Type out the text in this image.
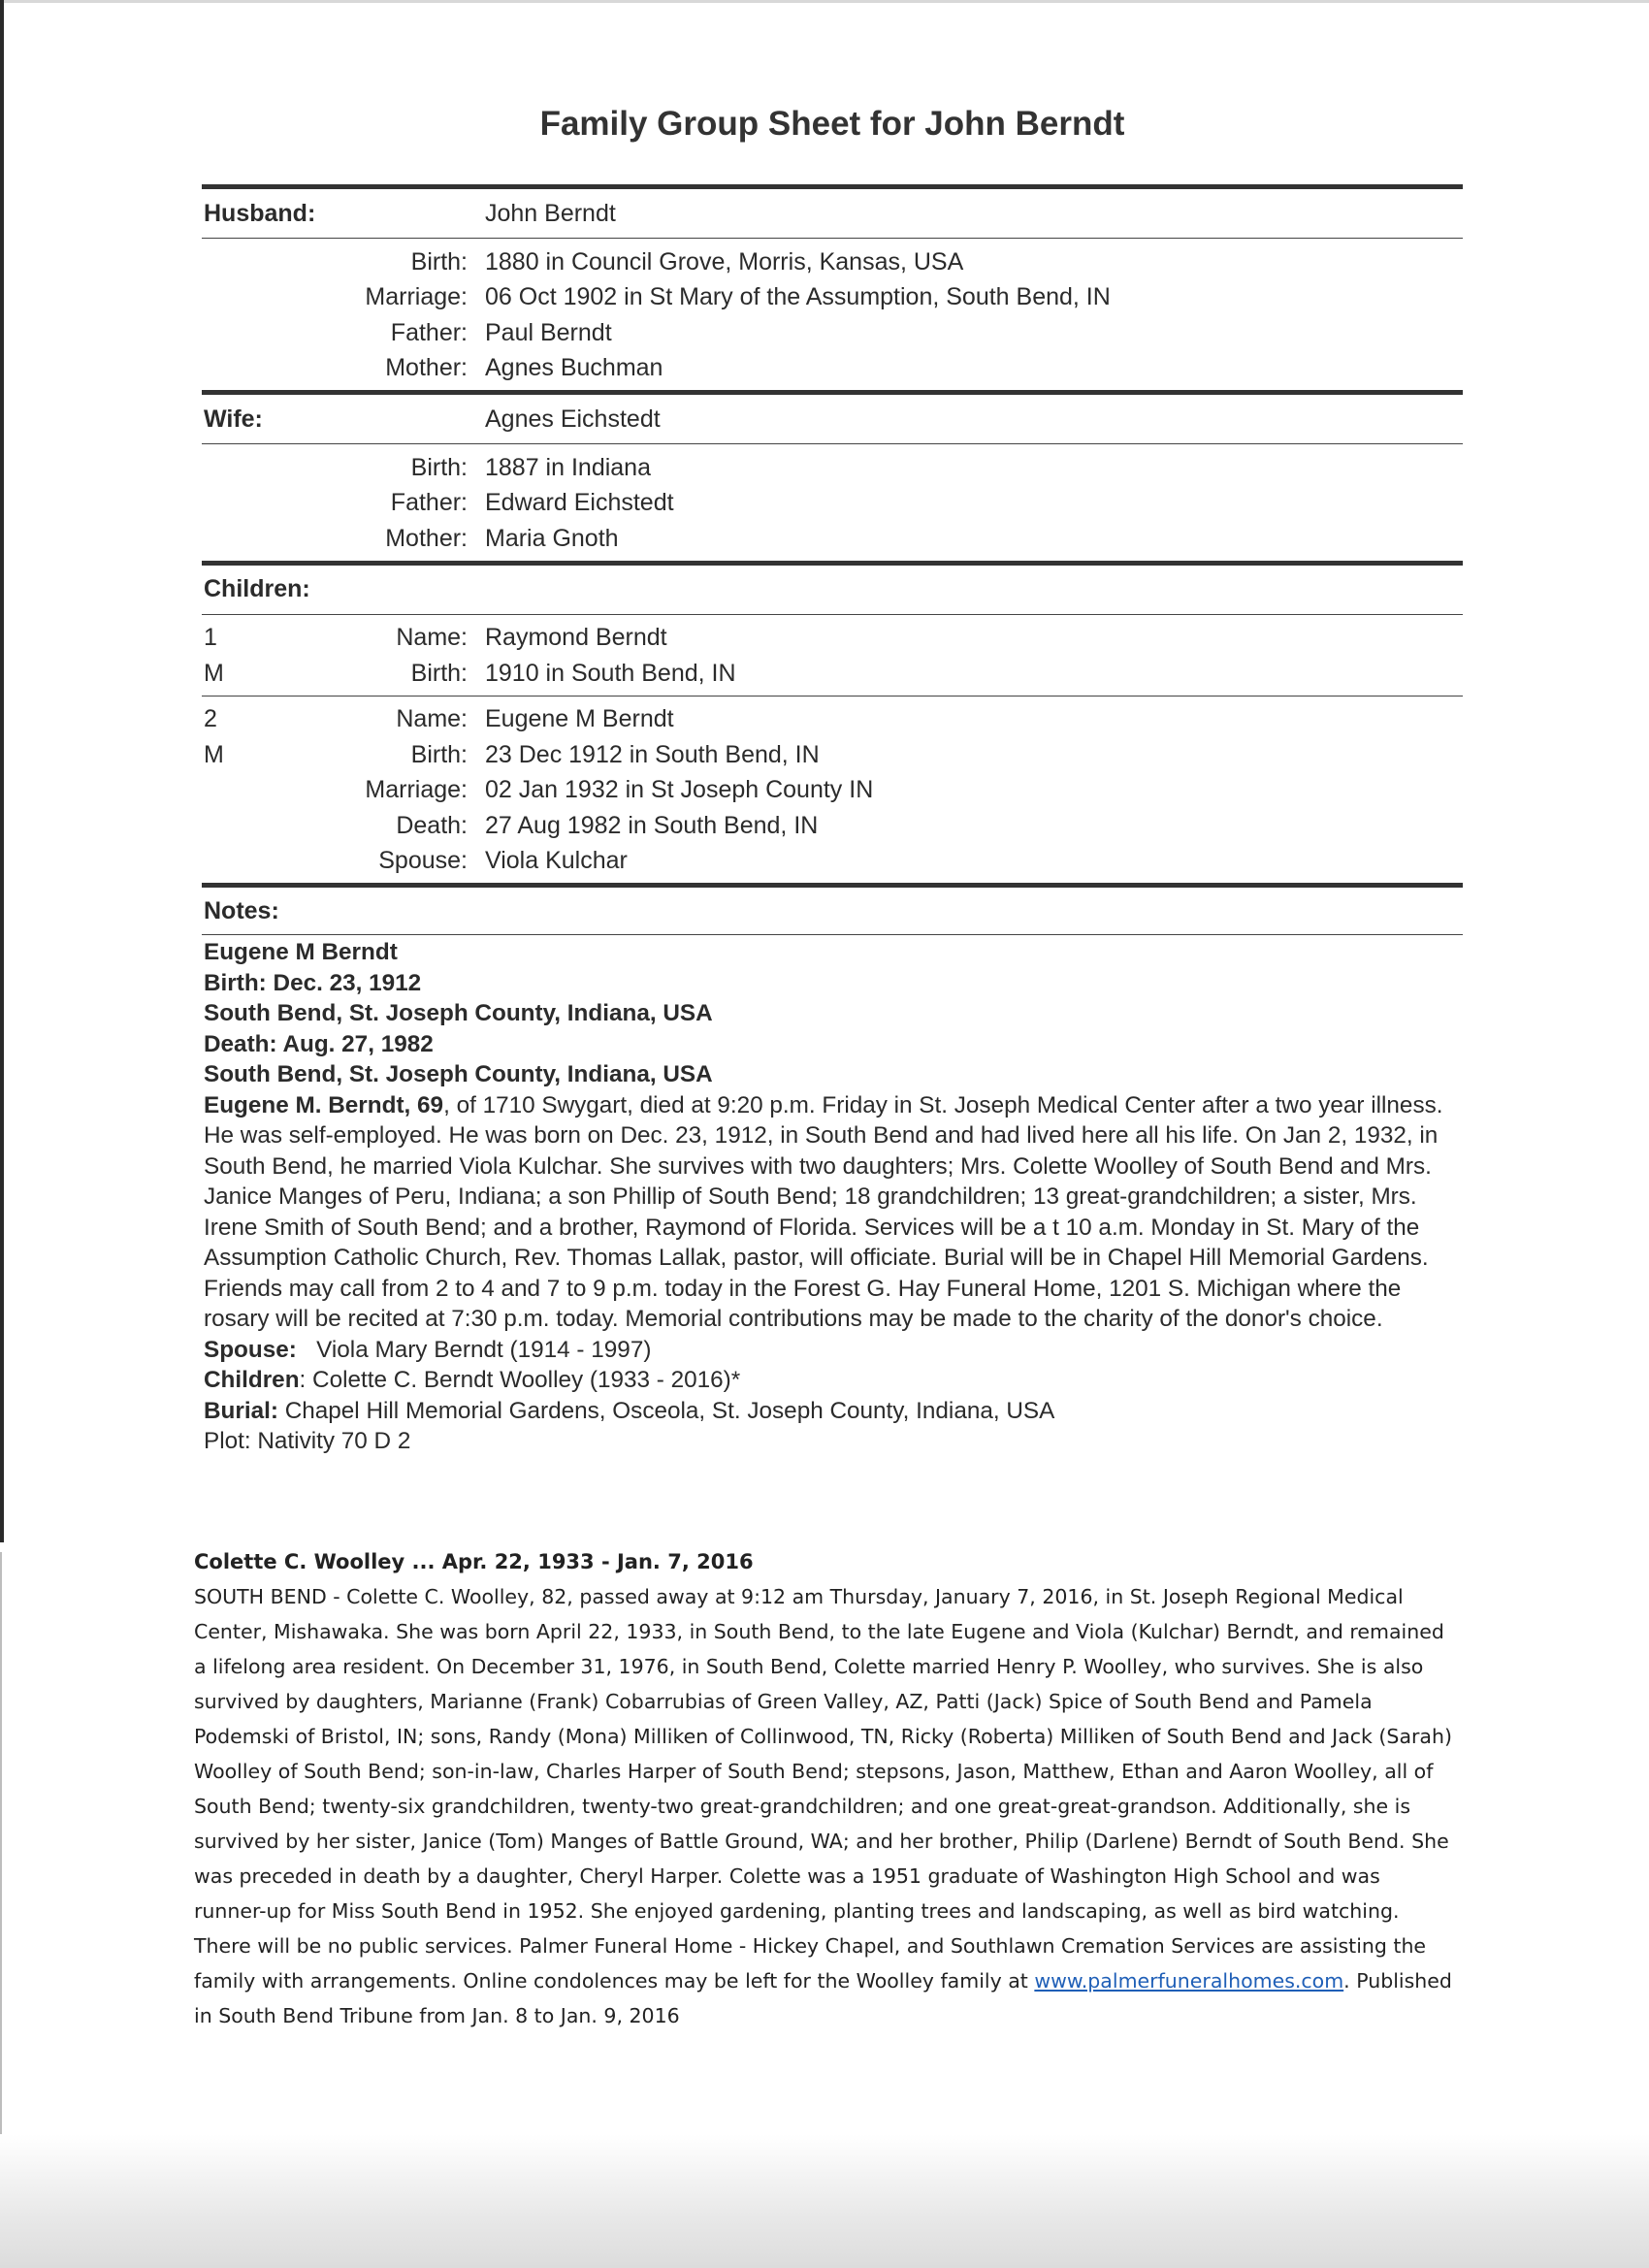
Family Group Sheet for John Berndt
Husband:	John Berndt
Birth: 1880 in Council Grove, Morris, Kansas, USA
Marriage: 06 Oct 1902 in St Mary of the Assumption, South Bend, IN
Father: Paul Berndt
Mother: Agnes Buchman
Wife:	Agnes Eichstedt
Birth: 1887 in Indiana
Father: Edward Eichstedt
Mother: Maria Gnoth
Children:
1	Name: Raymond Berndt
M	Birth: 1910 in South Bend, IN
2	Name: Eugene M Berndt
M	Birth: 23 Dec 1912 in South Bend, IN
Marriage: 02 Jan 1932 in St Joseph County IN
Death: 27 Aug 1982 in South Bend, IN
Spouse: Viola Kulchar
Notes:

Eugene M Berndt

Birth: Dec. 23, 1912

South Bend, St. Joseph County, Indiana, USA

Death: Aug. 27, 1982

South Bend, St. Joseph County, Indiana, USA

Eugene M. Berndt, 69, of 1710 Swygart, died at 9:20 p.m. Friday in St. Joseph Medical Center after a two year illness. He was self-employed. He was born on Dec. 23, 1912, in South Bend and had lived here all his life. On Jan 2, 1932, in South Bend, he married Viola Kulchar. She survives with two daughters; Mrs. Colette Woolley of South Bend and Mrs. Janice Manges of Peru, Indiana; a son Phillip of South Bend; 18 grandchildren; 13 great-grandchildren; a sister, Mrs. Irene Smith of South Bend; and a brother, Raymond of Florida. Services will be a t 10 a.m. Monday in St. Mary of the Assumption Catholic Church, Rev. Thomas Lallak, pastor, will officiate. Burial will be in Chapel Hill Memorial Gardens. Friends may call from 2 to 4 and 7 to 9 p.m. today in the Forest G. Hay Funeral Home, 1201 S. Michigan where the rosary will be recited at 7:30 p.m. today. Memorial contributions may be made to the charity of the donor's choice.

Spouse: Viola Mary Berndt (1914 - 1997)

Children: Colette C. Berndt Woolley (1933 - 2016)*

Burial: Chapel Hill Memorial Gardens, Osceola, St. Joseph County, Indiana, USA

Plot: Nativity 70 D 2

Colette C. Woolley ... Apr. 22, 1933 - Jan. 7, 2016

SOUTH BEND - Colette C. Woolley, 82, passed away at 9:12 am Thursday, January 7, 2016, in St. Joseph Regional Medical Center, Mishawaka. She was born April 22, 1933, in South Bend, to the late Eugene and Viola (Kulchar) Berndt, and remained a lifelong area resident. On December 31, 1976, in South Bend, Colette married Henry P. Woolley, who survives. She is also survived by daughters, Marianne (Frank) Cobarrubias of Green Valley, AZ, Patti (Jack) Spice of South Bend and Pamela Podemski of Bristol, IN; sons, Randy (Mona) Milliken of Collinwood, TN, Ricky (Roberta) Milliken of South Bend and Jack (Sarah) Woolley of South Bend; son-in-law, Charles Harper of South Bend; stepsons, Jason, Matthew, Ethan and Aaron Woolley, all of South Bend; twenty-six grandchildren, twenty-two great-grandchildren; and one great-great-grandson. Additionally, she is survived by her sister, Janice (Tom) Manges of Battle Ground, WA; and her brother, Philip (Darlene) Berndt of South Bend. She was preceded in death by a daughter, Cheryl Harper. Colette was a 1951 graduate of Washington High School and was runner-up for Miss South Bend in 1952. She enjoyed gardening, planting trees and landscaping, as well as bird watching. There will be no public services. Palmer Funeral Home - Hickey Chapel, and Southlawn Cremation Services are assisting the family with arrangements. Online condolences may be left for the Woolley family at www.palmerfuneralhomes.com. Published in South Bend Tribune from Jan. 8 to Jan. 9, 2016
